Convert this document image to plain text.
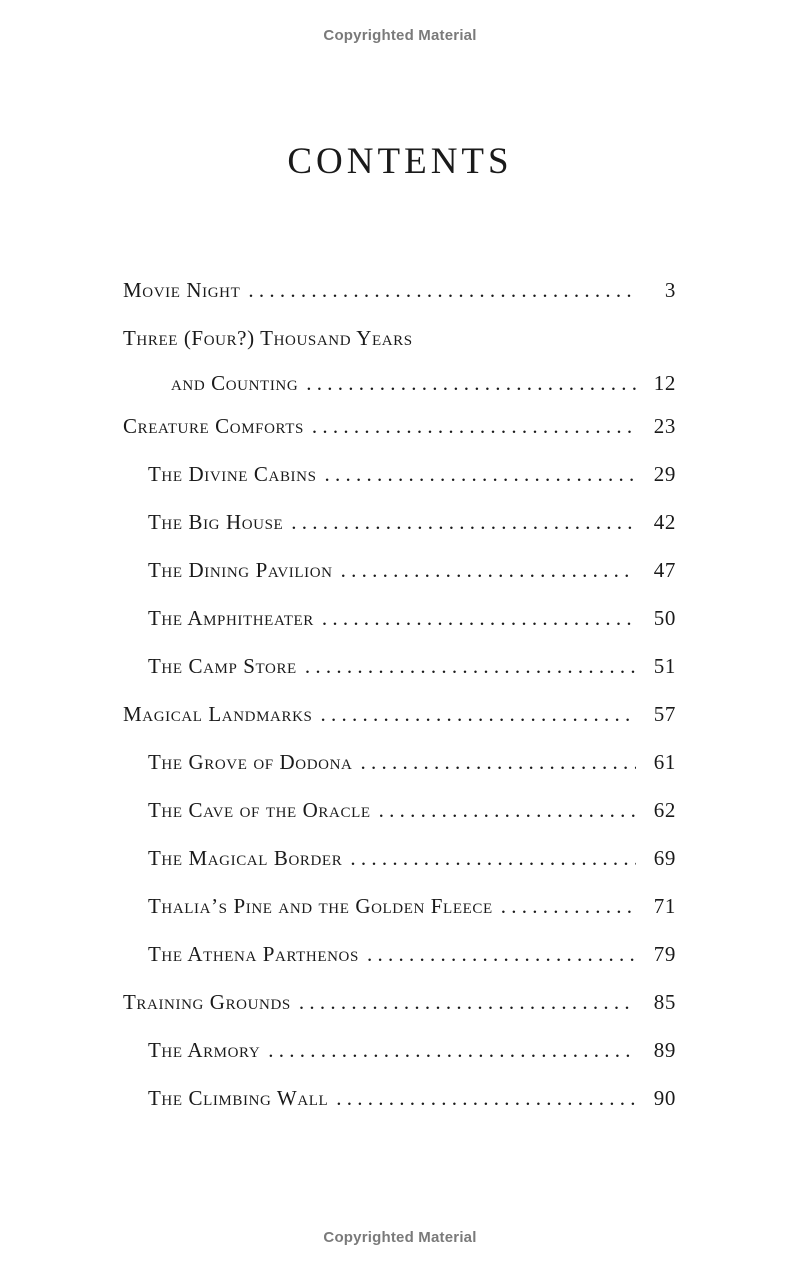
Copyrighted Material
CONTENTS
Movie Night . . .	3
Three (Four?) Thousand Years
and Counting . . .	12
Creature Comforts . . .	23
The Divine Cabins . . .	29
The Big House . . .	42
The Dining Pavilion . . .	47
The Amphitheater . . .	50
The Camp Store . . .	51
Magical Landmarks . . .	57
The Grove of Dodona . . .	61
The Cave of the Oracle . . .	62
The Magical Border . . .	69
Thalia’s Pine and the Golden Fleece . . .	71
The Athena Parthenos . . .	79
Training Grounds . . .	85
The Armory . . .	89
The Climbing Wall . . .	90
Copyrighted Material
